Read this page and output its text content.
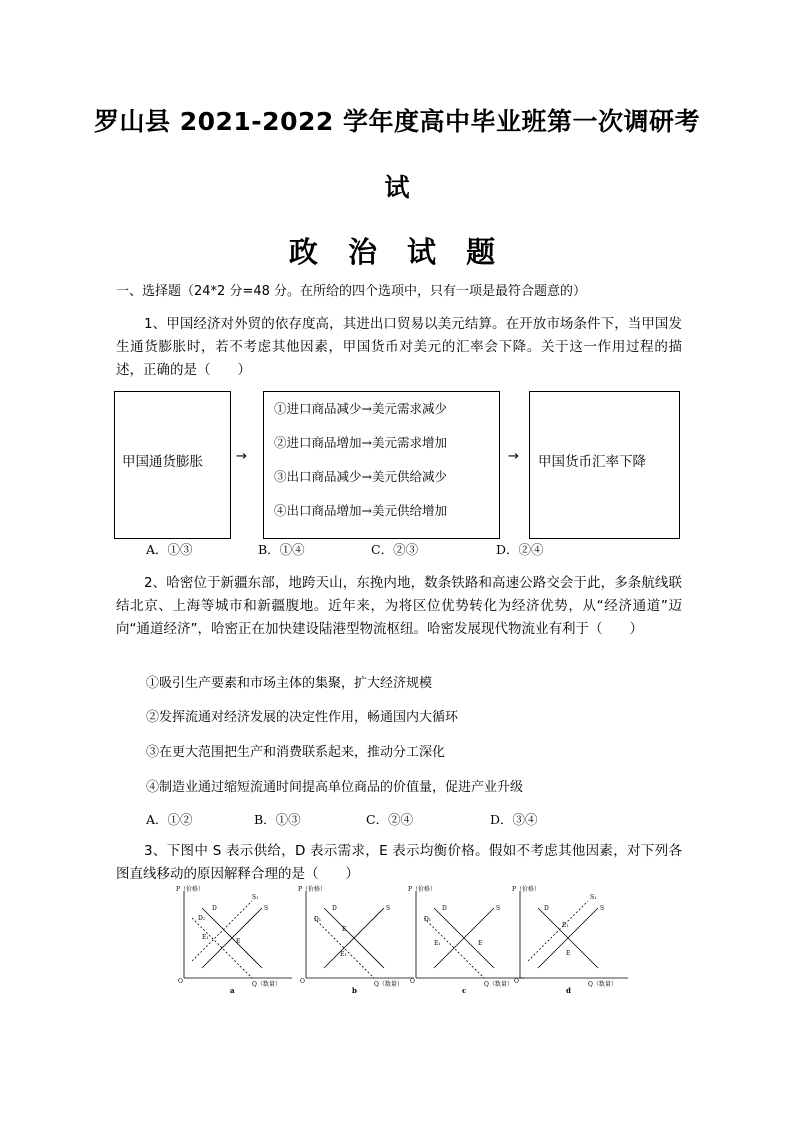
罗山县 2021-2022 学年度高中毕业班第一次调研考
试
政 治 试 题
一、选择题（24*2 分=48 分。在所给的四个选项中，只有一项是最符合题意的）
1、甲国经济对外贸的依存度高，其进出口贸易以美元结算。在开放市场条件下，当甲国发生通货膨胀时，若不考虑其他因素，甲国货币对美元的汇率会下降。关于这一作用过程的描述，正确的是（　　）
甲国通货膨胀	→
①进口商品减少→美元需求减少
②进口商品增加→美元需求增加
③出口商品减少→美元供给减少
④出口商品增加→美元供给增加
→ 甲国货币汇率下降
A．①③	B．①④	C．②③	D．②④
2、哈密位于新疆东部，地跨天山，东挽内地，数条铁路和高速公路交会于此，多条航线联结北京、上海等城市和新疆腹地。近年来，为将区位优势转化为经济优势，从“经济通道”迈向“通道经济”，哈密正在加快建设陆港型物流枢纽。哈密发展现代物流业有利于（　　）
①吸引生产要素和市场主体的集聚，扩大经济规模
②发挥流通对经济发展的决定性作用，畅通国内大循环
③在更大范围把生产和消费联系起来，推动分工深化
④制造业通过缩短流通时间提高单位商品的价值量，促进产业升级
A．①②	B．①③	C．②④	D．③④
3、下图中 S 表示供给，D 表示需求，E 表示均衡价格。假如不考虑其他因素，对下列各图直线移动的原因解释合理的是（　　）
P（价格）
Q（数量）
O
D
D₁
S₁
S
E
E₁
a
P（价格）
Q（数量）
O
D
D₁
S
E
E₁
b
P（价格）
Q（数量）
O
D
D₁
S
E₁	E
c
P（价格）
Q（数量）
O
D
S₁
S
E₁
E
d
